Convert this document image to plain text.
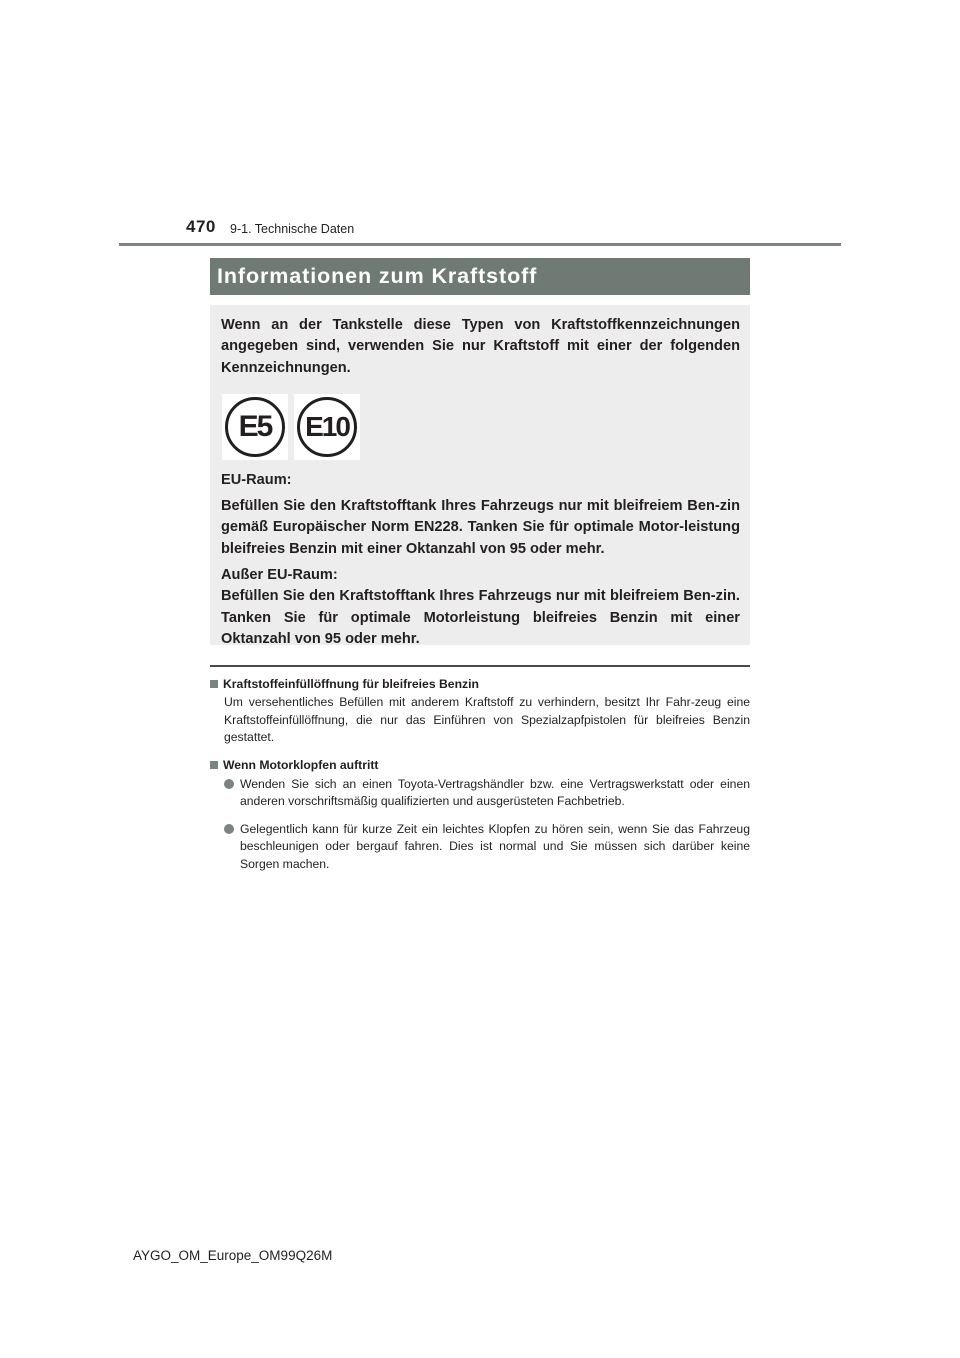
470 9-1. Technische Daten
Informationen zum Kraftstoff

Wenn an der Tankstelle diese Typen von Kraftstoffkennzeichnungen angegeben sind, verwenden Sie nur Kraftstoff mit einer der folgenden Kennzeichnungen.

E5	E10

EU-Raum:

Befüllen Sie den Kraftstofftank Ihres Fahrzeugs nur mit bleifreiem Ben-zin gemäß Europäischer Norm EN228. Tanken Sie für optimale Motor-leistung bleifreies Benzin mit einer Oktanzahl von 95 oder mehr.

Außer EU-Raum:

Befüllen Sie den Kraftstofftank Ihres Fahrzeugs nur mit bleifreiem Ben-zin. Tanken Sie für optimale Motorleistung bleifreies Benzin mit einer Oktanzahl von 95 oder mehr.

Kraftstoffeinfüllöffnung für bleifreies Benzin

Um versehentliches Befüllen mit anderem Kraftstoff zu verhindern, besitzt Ihr Fahr-zeug eine Kraftstoffeinfüllöffnung, die nur das Einführen von Spezialzapfpistolen für bleifreies Benzin gestattet.

Wenn Motorklopfen auftritt
Wenden Sie sich an einen Toyota-Vertragshändler bzw. eine Vertragswerkstatt oder einen anderen vorschriftsmäßig qualifizierten und ausgerüsteten Fachbetrieb.
Gelegentlich kann für kurze Zeit ein leichtes Klopfen zu hören sein, wenn Sie das Fahrzeug beschleunigen oder bergauf fahren. Dies ist normal und Sie müssen sich darüber keine Sorgen machen.
AYGO_OM_Europe_OM99Q26M
